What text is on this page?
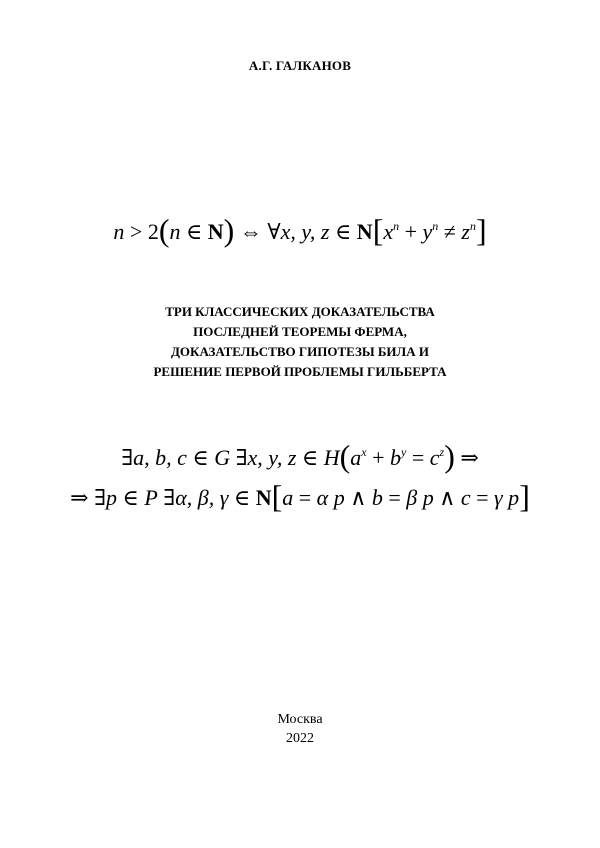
А.Г. ГАЛКАНОВ
n > 2(n ∈ N) ⇔ ∀x, y, z ∈ $N[x^n + y^n \ne z^n]$
ТРИ КЛАССИЧЕСКИХ ДОКАЗАТЕЛЬСТВА
ПОСЛЕДНЕЙ ТЕОРЕМЫ ФЕРМА,
ДОКАЗАТЕЛЬСТВО ГИПОТЕЗЫ БИЛА И
РЕШЕНИЕ ПЕРВОЙ ПРОБЛЕМЫ ГИЛЬБЕРТА
∃a, b, c ∈ G ∃x, y, z ∈ $H(a^x + b^y = c^z)$ ⇒
⇒ ∃p ∈ P ∃α, β, γ ∈ N[a = α p ∧ b = β p ∧ c = γ p]
Москва
2022
